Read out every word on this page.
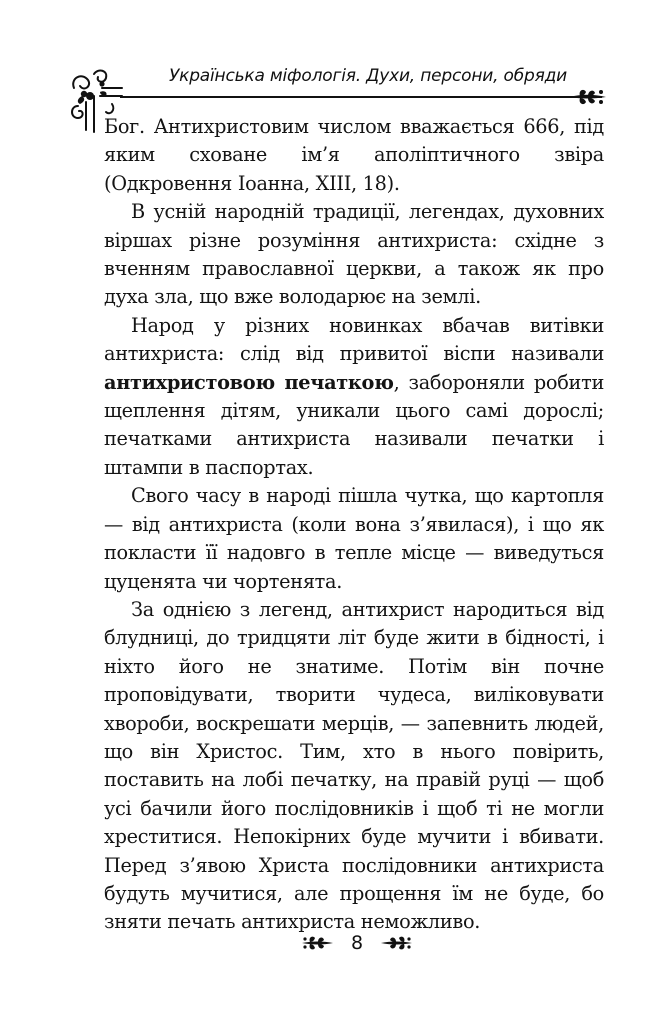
Українська міфологія. Духи, персони, обряди

Бог. Антихристовим числом вважається 666, під яким сховане ім’я аполіптичного звіра (Одкровення Іоанна, XIII, 18).

В усній народній традиції, легендах, духовних віршах різне розуміння антихриста: східне з вченням православної церкви, а також як про духа зла, що вже володарює на землі.

Народ у різних новинках вбачав витівки антихриста: слід від привитої віспи називали антихристовою печаткою, забороняли робити щеплення дітям, уникали цього самі дорослі; печатками антихриста називали печатки і штампи в паспортах.

Свого часу в народі пішла чутка, що картопля — від антихриста (коли вона з’явилася), і що як покласти її надовго в тепле місце — виведуться цуценята чи чортенята.

За однією з легенд, антихрист народиться від блудниці, до тридцяти літ буде жити в бідності, і ніхто його не знатиме. Потім він почне проповідувати, творити чудеса, виліковувати хвороби, воскрешати мерців, — запевнить людей, що він Христос. Тим, хто в нього повірить, поставить на лобі печатку, на правій руці — щоб усі бачили його послідовників і щоб ті не могли хреститися. Непокірних буде мучити і вбивати. Перед з’явою Христа послідовники антихриста будуть мучитися, але прощення їм не буде, бо зняти печать антихриста неможливо.

8
